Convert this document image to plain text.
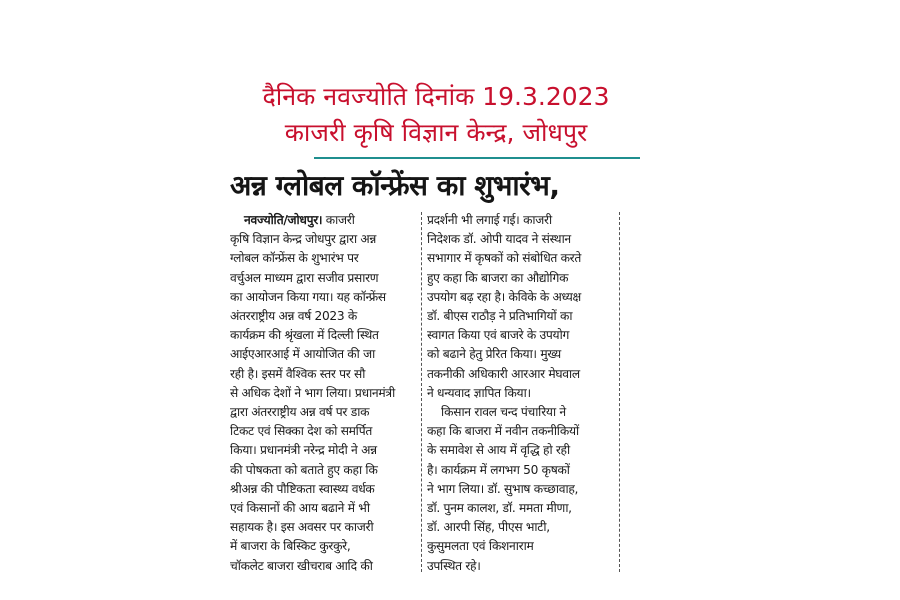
दैनिक नवज्योति दिनांक 19.3.2023
काजरी कृषि विज्ञान केन्द्र, जोधपुर
अन्न ग्लोबल कॉन्फ्रेंस का शुभारंभ,
नवज्योति/जोधपुर। काजरी
कृषि विज्ञान केन्द्र जोधपुर द्वारा अन्न
ग्लोबल कॉन्फ्रेंस के शुभारंभ पर
वर्चुअल माध्यम द्वारा सजीव प्रसारण
का आयोजन किया गया। यह कॉन्फ्रेंस
अंतरराष्ट्रीय अन्न वर्ष 2023 के
कार्यक्रम की श्रृंखला में दिल्ली स्थित
आईएआरआई में आयोजित की जा
रही है। इसमें वैश्विक स्तर पर सौ
से अधिक देशों ने भाग लिया। प्रधानमंत्री
द्वारा अंतरराष्ट्रीय अन्न वर्ष पर डाक
टिकट एवं सिक्का देश को समर्पित
किया। प्रधानमंत्री नरेन्द्र मोदी ने अन्न
की पोषकता को बताते हुए कहा कि
श्रीअन्न की पौष्टिकता स्वास्थ्य वर्धक
एवं किसानों की आय बढाने में भी
सहायक है। इस अवसर पर काजरी
में बाजरा के बिस्किट कुरकुरे,
चॉकलेट बाजरा खीचराब आदि की
प्रदर्शनी भी लगाई गई। काजरी
निदेशक डॉ. ओपी यादव ने संस्थान
सभागार में कृषकों को संबोधित करते
हुए कहा कि बाजरा का औद्योगिक
उपयोग बढ़ रहा है। केविके के अध्यक्ष
डॉ. बीएस राठौड़ ने प्रतिभागियों का
स्वागत किया एवं बाजरे के उपयोग
को बढाने हेतु प्रेरित किया। मुख्य
तकनीकी अधिकारी आरआर मेघवाल
ने धन्यवाद ज्ञापित किया।
किसान रावल चन्द पंचारिया ने
कहा कि बाजरा में नवीन तकनीकियों
के समावेश से आय में वृद्धि हो रही
है। कार्यक्रम में लगभग 50 कृषकों
ने भाग लिया। डॉ. सुभाष कच्छावाह,
डॉ. पुनम कालश, डॉ. ममता मीणा,
डॉ. आरपी सिंह, पीएस भाटी,
कुसुमलता एवं किशनाराम
उपस्थित रहे।
